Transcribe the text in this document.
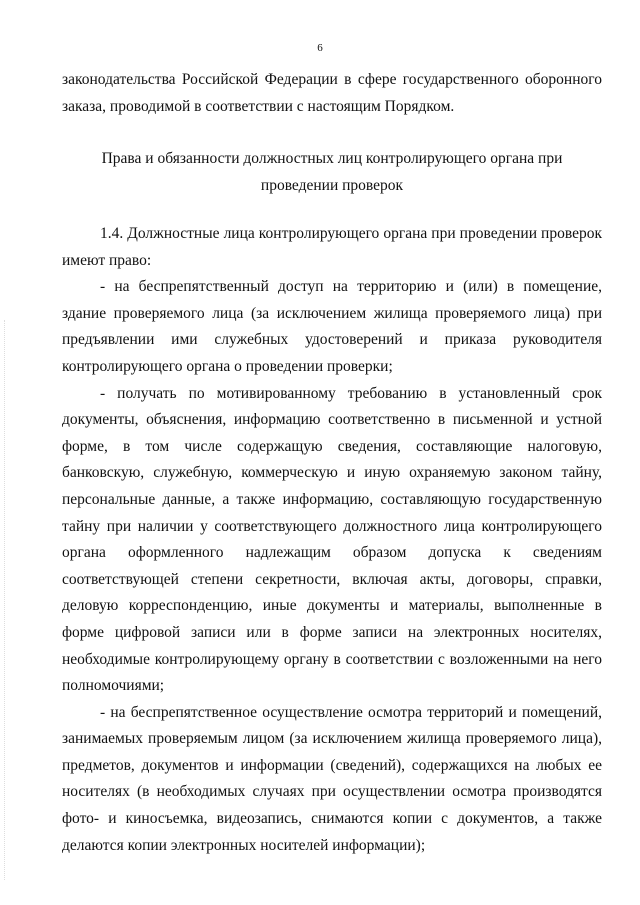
6

законодательства Российской Федерации в сфере государственного оборонного заказа, проводимой в соответствии с настоящим Порядком.

Права и обязанности должностных лиц контролирующего органа при
проведении проверок

1.4. Должностные лица контролирующего органа при проведении проверок имеют право:

- на беспрепятственный доступ на территорию и (или) в помещение, здание проверяемого лица (за исключением жилища проверяемого лица) при предъявлении ими служебных удостоверений и приказа руководителя контролирующего органа о проведении проверки;

- получать по мотивированному требованию в установленный срок документы, объяснения, информацию соответственно в письменной и устной форме, в том числе содержащую сведения, составляющие налоговую, банковскую, служебную, коммерческую и иную охраняемую законом тайну, персональные данные, а также информацию, составляющую государственную тайну при наличии у соответствующего должностного лица контролирующего органа оформленного надлежащим образом допуска к сведениям соответствующей степени секретности, включая акты, договоры, справки, деловую корреспонденцию, иные документы и материалы, выполненные в форме цифровой записи или в форме записи на электронных носителях, необходимые контролирующему органу в соответствии с возложенными на него полномочиями;

- на беспрепятственное осуществление осмотра территорий и помещений, занимаемых проверяемым лицом (за исключением жилища проверяемого лица), предметов, документов и информации (сведений), содержащихся на любых ее носителях (в необходимых случаях при осуществлении осмотра производятся фото- и киносъемка, видеозапись, снимаются копии с документов, а также делаются копии электронных носителей информации);
